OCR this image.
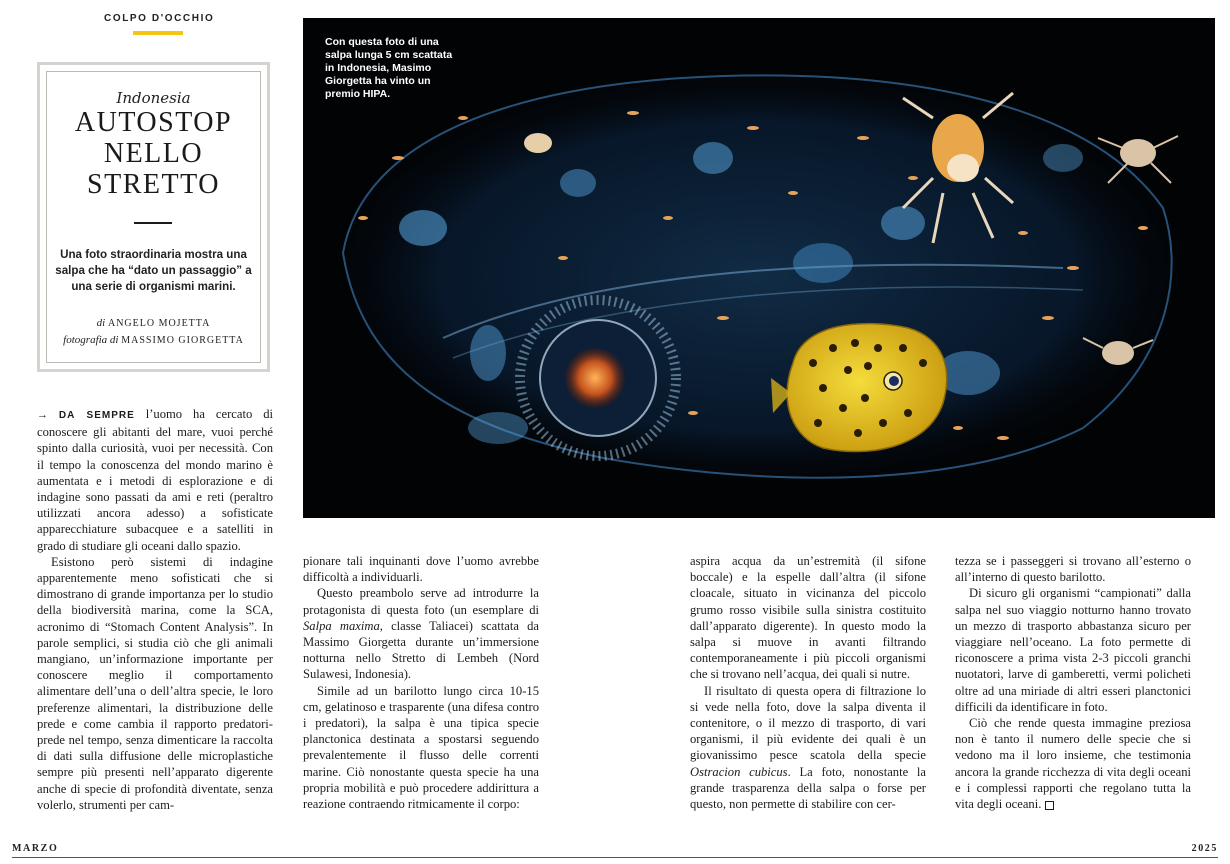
COLPO D'OCCHIO
Indonesia
AUTOSTOP
NELLO
STRETTO
Una foto straordinaria mostra una salpa che ha “dato un passaggio” a una serie di organismi marini.
di ANGELO MOJETTA
fotografia di MASSIMO GIORGETTA
Con questa foto di una salpa lunga 5 cm scattata in Indonesia, Masimo Giorgetta ha vinto un premio HIPA.

→ DA SEMPRE l’uomo ha cercato di conoscere gli abitanti del mare, vuoi perché spinto dalla curiosità, vuoi per necessità. Con il tempo la conoscenza del mondo marino è aumentata e i metodi di esplorazione e di indagine sono passati da ami e reti (peraltro utilizzati ancora adesso) a sofisticate apparecchiature subacquee e a satelliti in grado di studiare gli oceani dallo spazio.

Esistono però sistemi di indagine apparentemente meno sofisticati che si dimostrano di grande importanza per lo studio della biodiversità marina, come la SCA, acronimo di “Stomach Content Analysis”. In parole semplici, si studia ciò che gli animali mangiano, un’informazione importante per conoscere meglio il comportamento alimentare dell’una o dell’altra specie, le loro preferenze alimentari, la distribuzione delle prede e come cambia il rapporto predatori-prede nel tempo, senza dimenticare la raccolta di dati sulla diffusione delle microplastiche sempre più presenti nell’apparato digerente anche di specie di profondità diventate, senza volerlo, strumenti per cam-

pionare tali inquinanti dove l’uomo avrebbe difficoltà a individuarli.

Questo preambolo serve ad introdurre la protagonista di questa foto (un esemplare di Salpa maxima, classe Taliacei) scattata da Massimo Giorgetta durante un’immersione notturna nello Stretto di Lembeh (Nord Sulawesi, Indonesia).

Simile ad un barilotto lungo circa 10-15 cm, gelatinoso e trasparente (una difesa contro i predatori), la salpa è una tipica specie planctonica destinata a spostarsi seguendo prevalentemente il flusso delle correnti marine. Ciò nonostante questa specie ha una propria mobilità e può procedere addirittura a reazione contraendo ritmicamente il corpo:

aspira acqua da un’estremità (il sifone boccale) e la espelle dall’altra (il sifone cloacale, situato in vicinanza del piccolo grumo rosso visibile sulla sinistra costituito dall’apparato digerente). In questo modo la salpa si muove in avanti filtrando contemporaneamente i più piccoli organismi che si trovano nell’acqua, dei quali si nutre.

Il risultato di questa opera di filtrazione lo si vede nella foto, dove la salpa diventa il contenitore, o il mezzo di trasporto, di vari organismi, il più evidente dei quali è un giovanissimo pesce scatola della specie Ostracion cubicus. La foto, nonostante la grande trasparenza della salpa o forse per questo, non permette di stabilire con cer-

tezza se i passeggeri si trovano all’esterno o all’interno di questo barilotto.

Di sicuro gli organismi “campionati” dalla salpa nel suo viaggio notturno hanno trovato un mezzo di trasporto abbastanza sicuro per viaggiare nell’oceano. La foto permette di riconoscere a prima vista 2-3 piccoli granchi nuotatori, larve di gamberetti, vermi policheti oltre ad una miriade di altri esseri planctonici difficili da identificare in foto.

Ciò che rende questa immagine preziosa non è tanto il numero delle specie che si vedono ma il loro insieme, che testimonia ancora la grande ricchezza di vita degli oceani e i complessi rapporti che regolano tutta la vita degli oceani.

MARZO	2025
